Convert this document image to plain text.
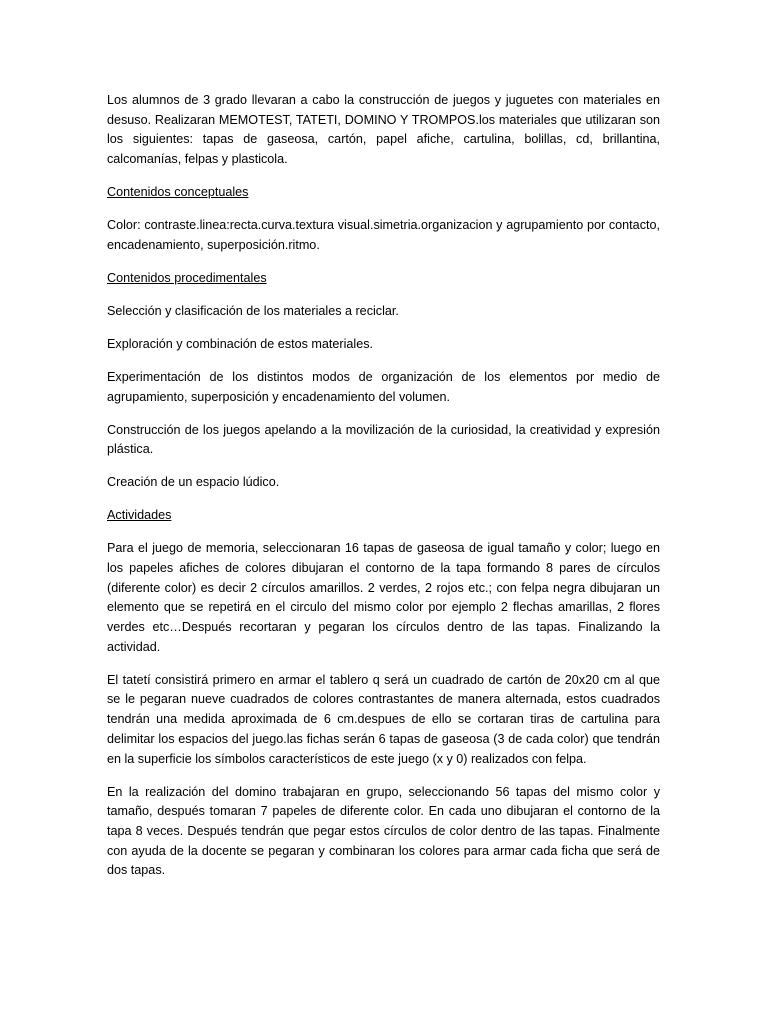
Los alumnos de 3 grado llevaran a cabo la construcción de juegos y juguetes con materiales en desuso. Realizaran MEMOTEST, TATETI, DOMINO Y TROMPOS.los materiales que utilizaran son los siguientes: tapas de gaseosa, cartón, papel afiche, cartulina, bolillas, cd, brillantina, calcomanías, felpas y plasticola.

Contenidos conceptuales

Color: contraste.linea:recta.curva.textura visual.simetria.organizacion y agrupamiento por contacto, encadenamiento, superposición.ritmo.

Contenidos procedimentales

Selección y clasificación de los materiales a reciclar.

Exploración y combinación de estos materiales.

Experimentación de los distintos modos de organización de los elementos por medio de agrupamiento, superposición y encadenamiento del volumen.

Construcción de los juegos apelando a la movilización de la curiosidad, la creatividad y expresión plástica.

Creación de un espacio lúdico.

Actividades

Para el juego de memoria, seleccionaran 16 tapas de gaseosa de igual tamaño y color; luego en los papeles afiches de colores dibujaran el contorno de la tapa formando 8 pares de círculos (diferente color) es decir 2 círculos amarillos. 2 verdes, 2 rojos etc.; con felpa negra dibujaran un elemento que se repetirá en el circulo del mismo color por ejemplo 2 flechas amarillas, 2 flores verdes etc…Después recortaran y pegaran los círculos dentro de las tapas. Finalizando la actividad.

El tatetí consistirá primero en armar el tablero q será un cuadrado de cartón de 20x20 cm al que se le pegaran nueve cuadrados de colores contrastantes de manera alternada, estos cuadrados tendrán una medida aproximada de 6 cm.despues de ello se cortaran tiras de cartulina para delimitar los espacios del juego.las fichas serán 6 tapas de gaseosa (3 de cada color) que tendrán en la superficie los símbolos característicos de este juego (x y 0) realizados con felpa.

En la realización del domino trabajaran en grupo, seleccionando 56 tapas del mismo color y tamaño, después tomaran 7 papeles de diferente color. En cada uno dibujaran el contorno de la tapa 8 veces. Después tendrán que pegar estos círculos de color dentro de las tapas. Finalmente con ayuda de la docente se pegaran y combinaran los colores para armar cada ficha que será de dos tapas.
